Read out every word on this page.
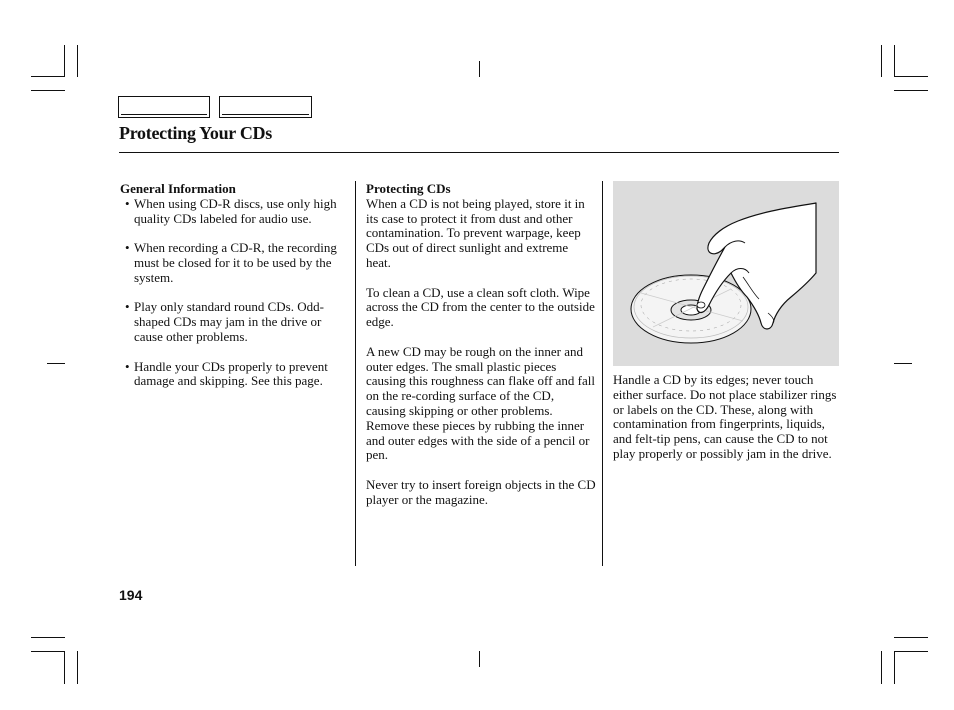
Protecting Your CDs
General Information
• When using CD-R discs, use only high quality CDs labeled for audio use.
• When recording a CD-R, the recording must be closed for it to be used by the system.
• Play only standard round CDs. Odd-shaped CDs may jam in the drive or cause other problems.
• Handle your CDs properly to prevent damage and skipping. See this page.
Protecting CDs

When a CD is not being played, store it in its case to protect it from dust and other contamination. To prevent warpage, keep CDs out of direct sunlight and extreme heat.

To clean a CD, use a clean soft cloth. Wipe across the CD from the center to the outside edge.

A new CD may be rough on the inner and outer edges. The small plastic pieces causing this roughness can flake off and fall on the re-cording surface of the CD, causing skipping or other problems. Remove these pieces by rubbing the inner and outer edges with the side of a pencil or pen.

Never try to insert foreign objects in the CD player or the magazine.

Handle a CD by its edges; never touch either surface. Do not place stabilizer rings or labels on the CD. These, along with contamination from fingerprints, liquids, and felt-tip pens, can cause the CD to not play properly or possibly jam in the drive.

194
